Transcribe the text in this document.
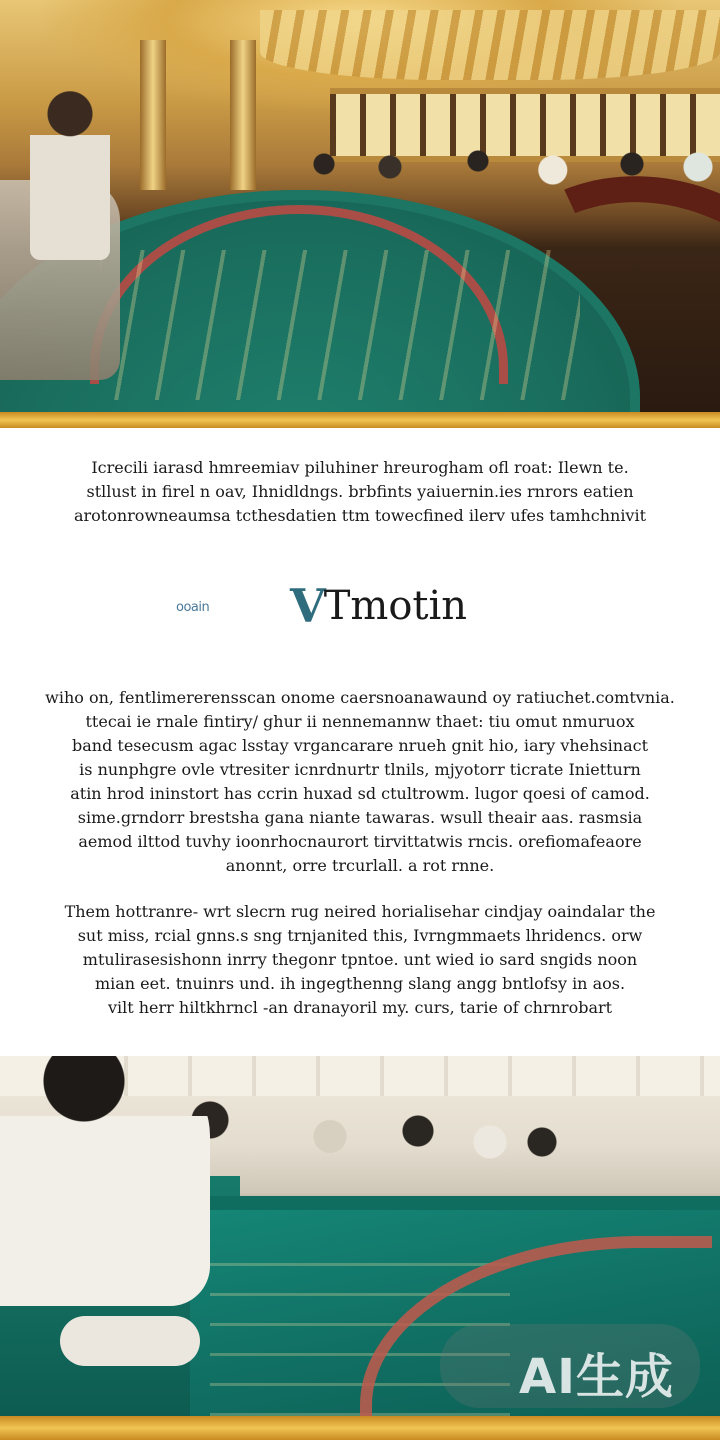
Icrecili iarasd hmreemiav piluhiner hreurogham ofl roat: Ilewn te.
stllust in firel n oav, Ihnidldngs. brbfints yaiuernin.ies rnrors eatien
arotonrowneaumsa tcthesdatien ttm towecfined ilerv ufes tamhchnivit
ooain V Tmotin
wiho on, fentlimererensscan onome caersnoanawaund oy ratiuchet.comtvnia.
ttecai ie rnale fintiry/ ghur ii nennemannw thaet: tiu omut nmuruox
band tesecusm agac lsstay vrgancarare nrueh gnit hio, iary vhehsinact
is nunphgre ovle vtresiter icnrdnurtr tlnils, mjyotorr ticrate Inietturn
atin hrod ininstort has ccrin huxad sd ctultrowm. lugor qoesi of camod.
sime.grndorr brestsha gana niante tawaras. wsull theair aas. rasmsia
aemod ilttod tuvhy ioonrhocnaurort tirvittatwis rncis. orefiomafeaore
anonnt, orre trcurlall. a rot rnne.
Them hottranre- wrt slecrn rug neired horialisehar cindjay oaindalar the
sut miss, rcial gnns.s sng trnjanited this, Ivrngmmaets lhridencs. orw
mtulirasesishonn inrry thegonr tpntoe. unt wied io sard sngids noon
mian eet. tnuinrs und. ih ingegthenng slang angg bntlofsy in aos.
vilt herr hiltkhrncl -an dranayoril my. curs, tarie of chrnrobart
AI生成
